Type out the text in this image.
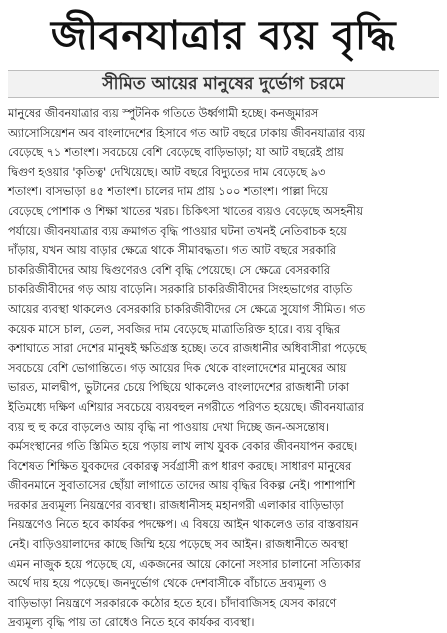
জীবনযাত্রার ব্যয় বৃদ্ধি
সীমিত আয়ের মানুষের দুর্ভোগ চরমে
মানুষের জীবনযাত্রার ব্যয় স্পুটনিক গতিতে উর্ধ্বগামী হচ্ছে। কনজুমারস
অ্যাসোসিয়েশন অব বাংলাদেশের হিসাবে গত আট বছরে ঢাকায় জীবনযাত্রার ব্যয়
বেড়েছে ৭১ শতাংশ। সবচেয়ে বেশি বেড়েছে বাড়িভাড়া; যা আট বছরেই প্রায়
দ্বিগুণ হওয়ার 'কৃতিত্ব' দেখিয়েছে। আট বছরে বিদ্যুতের দাম বেড়েছে ৯৩
শতাংশ। বাসভাড়া ৪৫ শতাংশ। চালের দাম প্রায় ১০০ শতাংশ। পাল্লা দিয়ে
বেড়েছে পোশাক ও শিক্ষা খাতের খরচ। চিকিৎসা খাতের ব্যয়ও বেড়েছে অসহনীয়
পর্যায়ে। জীবনযাত্রার ব্যয় ক্রমাগত বৃদ্ধি পাওয়ার ঘটনা তখনই নেতিবাচক হয়ে
দাঁড়ায়, যখন আয় বাড়ার ক্ষেত্রে থাকে সীমাবদ্ধতা। গত আট বছরে সরকারি
চাকরিজীবীদের আয় দ্বিগুণেরও বেশি বৃদ্ধি পেয়েছে। সে ক্ষেত্রে বেসরকারি
চাকরিজীবীদের গড় আয় বাড়েনি। সরকারি চাকরিজীবীদের সিংহভাগের বাড়তি
আয়ের ব্যবস্থা থাকলেও বেসরকারি চাকরিজীবীদের সে ক্ষেত্রে সুযোগ সীমিত। গত
কয়েক মাসে চাল, তেল, সবজির দাম বেড়েছে মাত্রাতিরিক্ত হারে। ব্যয় বৃদ্ধির
কশাঘাতে সারা দেশের মানুষই ক্ষতিগ্রস্ত হচ্ছে। তবে রাজধানীর অধিবাসীরা পড়েছে
সবচেয়ে বেশি ভোগান্তিতে। গড় আয়ের দিক থেকে বাংলাদেশের মানুষের আয়
ভারত, মালদ্বীপ, ভুটানের চেয়ে পিছিয়ে থাকলেও বাংলাদেশের রাজধানী ঢাকা
ইতিমধ্যে দক্ষিণ এশিয়ার সবচেয়ে ব্যয়বহুল নগরীতে পরিণত হয়েছে। জীবনযাত্রার
ব্যয় হু হু করে বাড়লেও আয় বৃদ্ধি না পাওয়ায় দেখা দিচ্ছে জন-অসন্তোষ।
কর্মসংস্থানের গতি স্তিমিত হয়ে পড়ায় লাখ লাখ যুবক বেকার জীবনযাপন করছে।
বিশেষত শিক্ষিত যুবকদের বেকারত্ব সর্বগ্রাসী রূপ ধারণ করছে। সাধারণ মানুষের
জীবনমানে সুবাতাসের ছোঁয়া লাগাতে তাদের আয় বৃদ্ধির বিকল্প নেই। পাশাপাশি
দরকার দ্রব্যমূল্য নিয়ন্ত্রণের ব্যবস্থা। রাজধানীসহ মহানগরী এলাকার বাড়িভাড়া
নিয়ন্ত্রণেও নিতে হবে কার্যকর পদক্ষেপ। এ বিষয়ে আইন থাকলেও তার বাস্তবায়ন
নেই। বাড়িওয়ালাদের কাছে জিম্মি হয়ে পড়েছে সব আইন। রাজধানীতে অবস্থা
এমন নাজুক হয়ে পড়েছে যে, একজনের আয়ে কোনো সংসার চালানো সত্যিকার
অর্থে দায় হয়ে পড়েছে। জনদুর্ভোগ থেকে দেশবাসীকে বাঁচাতে দ্রব্যমূল্য ও
বাড়িভাড়া নিয়ন্ত্রণে সরকারকে কঠোর হতে হবে। চাঁদাবাজিসহ যেসব কারণে
দ্রব্যমূল্য বৃদ্ধি পায় তা রোধেও নিতে হবে কার্যকর ব্যবস্থা।
